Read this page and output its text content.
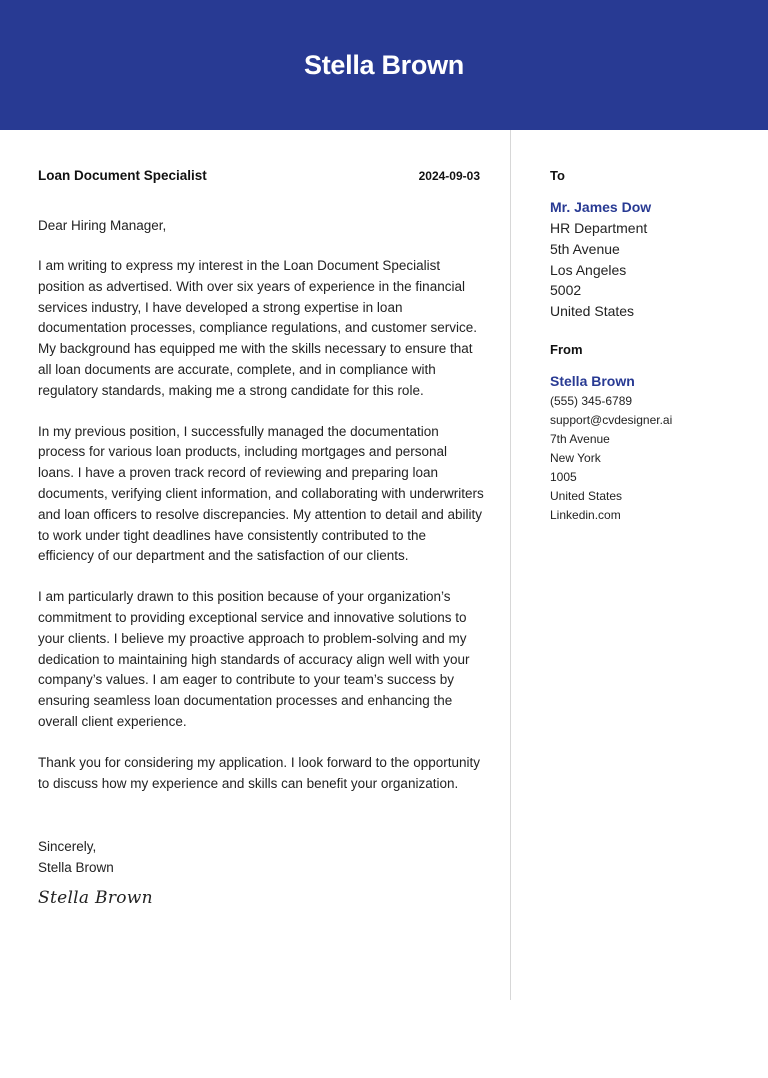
Stella Brown
Loan Document Specialist	2024-09-03

Dear Hiring Manager,

I am writing to express my interest in the Loan Document Specialist position as advertised. With over six years of experience in the financial services industry, I have developed a strong expertise in loan documentation processes, compliance regulations, and customer service. My background has equipped me with the skills necessary to ensure that all loan documents are accurate, complete, and in compliance with regulatory standards, making me a strong candidate for this role.

In my previous position, I successfully managed the documentation process for various loan products, including mortgages and personal loans. I have a proven track record of reviewing and preparing loan documents, verifying client information, and collaborating with underwriters and loan officers to resolve discrepancies. My attention to detail and ability to work under tight deadlines have consistently contributed to the efficiency of our department and the satisfaction of our clients.

I am particularly drawn to this position because of your organization’s commitment to providing exceptional service and innovative solutions to your clients. I believe my proactive approach to problem-solving and my dedication to maintaining high standards of accuracy align well with your company’s values. I am eager to contribute to your team’s success by ensuring seamless loan documentation processes and enhancing the overall client experience.

Thank you for considering my application. I look forward to the opportunity to discuss how my experience and skills can benefit your organization.

Sincerely,
Stella Brown
Stella Brown
To
Mr. James Dow
HR Department
5th Avenue
Los Angeles
5002
United States
From
Stella Brown
(555) 345-6789
support@cvdesigner.ai
7th Avenue
New York
1005
United States
Linkedin.com
